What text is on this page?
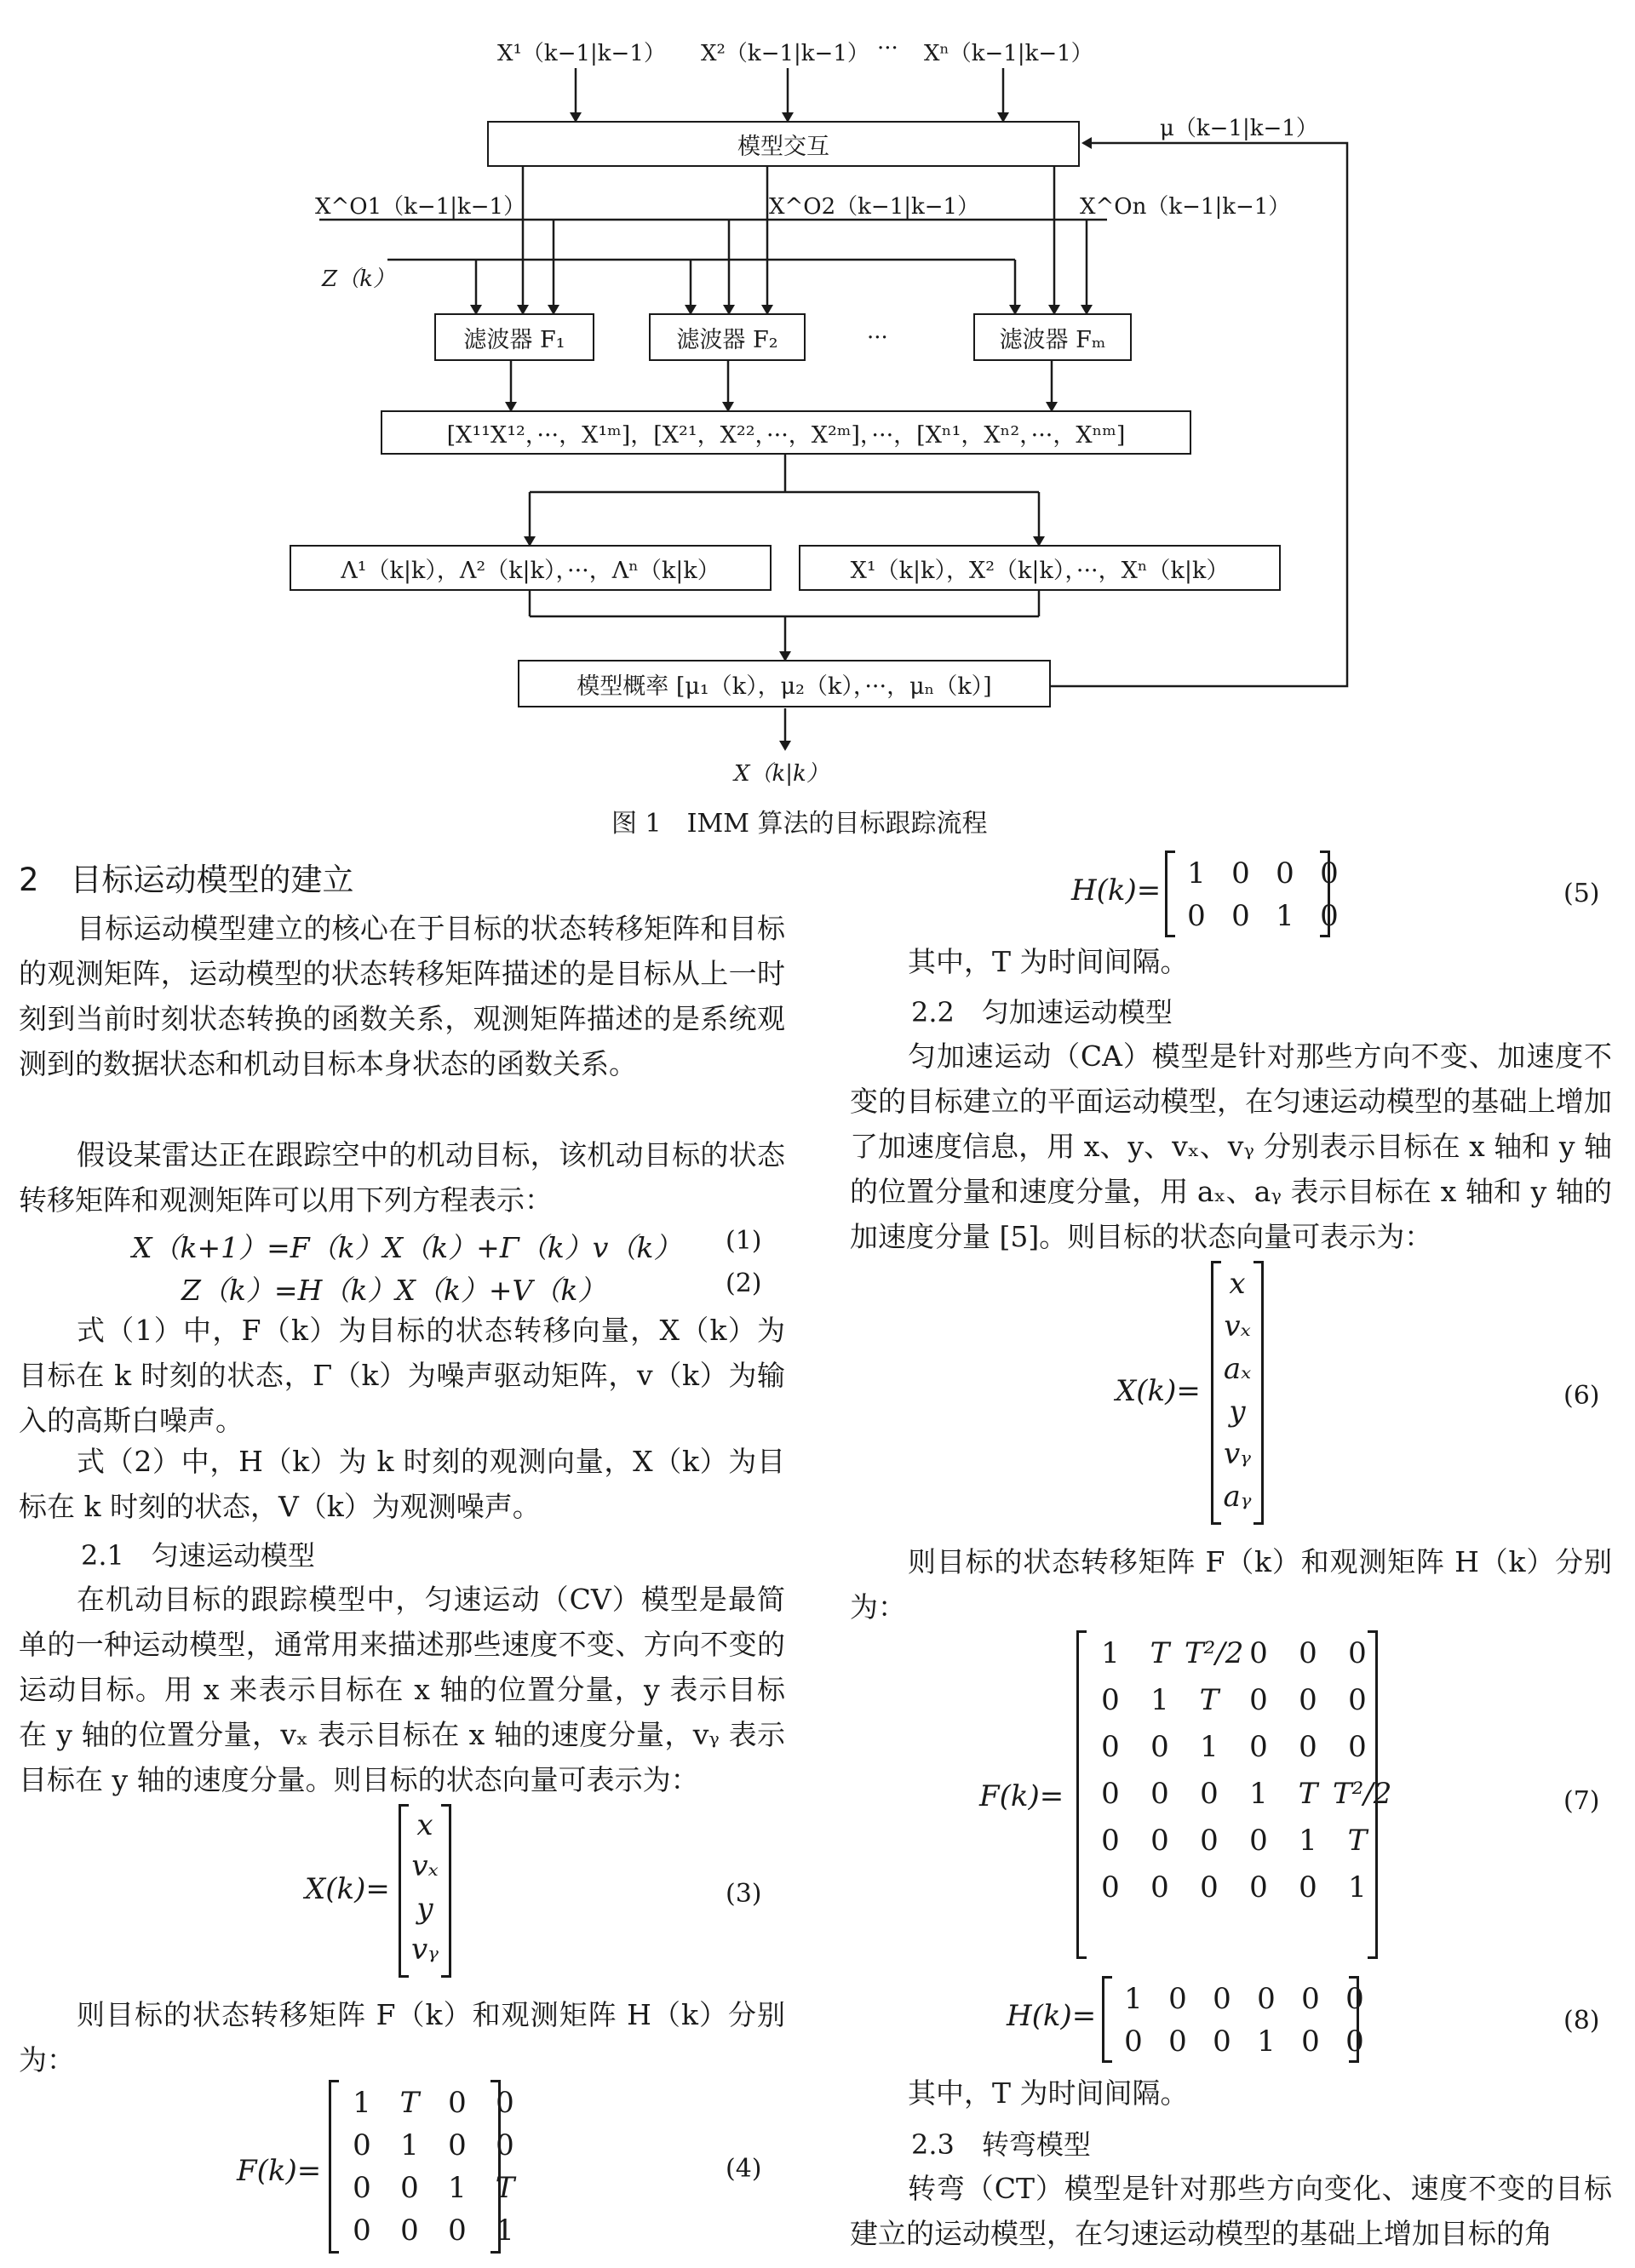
X¹（k−1|k−1） X²（k−1|k−1） ··· Xⁿ（k−1|k−1）
μ（k−1|k−1）
模型交互
X^O1（k−1|k−1）	X^O2（k−1|k−1）	X^On（k−1|k−1）
Z（k）
滤波器 F₁	滤波器 F₂	···	滤波器 Fₘ
[X¹¹X¹²，···，X¹ᵐ]，[X²¹，X²²，···，X²ᵐ]，···，[Xⁿ¹，Xⁿ²，···，Xⁿᵐ]
Λ¹（k|k），Λ²（k|k），···，Λⁿ（k|k）	X¹（k|k），X²（k|k），···，Xⁿ（k|k）
模型概率 [μ₁（k），μ₂（k），···，μₙ（k）]
X（k|k）
图 1　IMM 算法的目标跟踪流程
2　目标运动模型的建立
目标运动模型建立的核心在于目标的状态转移矩阵和目标的观测矩阵，运动模型的状态转移矩阵描述的是目标从上一时刻到当前时刻状态转换的函数关系，观测矩阵描述的是系统观测到的数据状态和机动目标本身状态的函数关系。
假设某雷达正在跟踪空中的机动目标，该机动目标的状态转移矩阵和观测矩阵可以用下列方程表示：
X（k+1）=F（k）X（k）+Γ（k）v（k） (1)
Z（k）=H（k）X（k）+V（k）	(2)
式（1）中，F（k）为目标的状态转移向量，X（k）为目标在 k 时刻的状态，Γ（k）为噪声驱动矩阵，v（k）为输入的高斯白噪声。
式（2）中，H（k）为 k 时刻的观测向量，X（k）为目标在 k 时刻的状态，V（k）为观测噪声。
2.1　匀速运动模型
在机动目标的跟踪模型中，匀速运动（CV）模型是最简单的一种运动模型，通常用来描述那些速度不变、方向不变的运动目标。用 x 来表示目标在 x 轴的位置分量，y 表示目标在 y 轴的位置分量，vₓ 表示目标在 x 轴的速度分量，vᵧ 表示目标在 y 轴的速度分量。则目标的状态向量可表示为：
X(k)=
x
vₓ
y
vᵧ
(3)
则目标的状态转移矩阵 F（k）和观测矩阵 H（k）分别为：
F(k)=
1 T 0	0
0	1	0	0
0	0	1 T
0	0	0	1
(4)
H(k)= 1 0 0 0
0 0 1 0
(5)
其中，T 为时间间隔。
2.2　匀加速运动模型
匀加速运动（CA）模型是针对那些方向不变、加速度不变的目标建立的平面运动模型，在匀速运动模型的基础上增加了加速度信息，用 x、y、vₓ、vᵧ 分别表示目标在 x 轴和 y 轴的位置分量和速度分量，用 aₓ、aᵧ 表示目标在 x 轴和 y 轴的加速度分量 [5]。则目标的状态向量可表示为：
X(k)=
x
vₓ
aₓ
y
vᵧ
aᵧ
(6)
则目标的状态转移矩阵 F（k）和观测矩阵 H（k）分别为：
F(k)=
1	T T²/2 0	0	0
0	1	T	0	0	0
0	0	1	0	0	0
0	0	0	1	T T²/2
0	0	0	0	1	T
0	0	0	0	0	1
(7)
H(k)= 1 0 0 0 0 0
0 0 0 1 0 0
(8)
其中，T 为时间间隔。
2.3　转弯模型
转弯（CT）模型是针对那些方向变化、速度不变的目标建立的运动模型，在匀速运动模型的基础上增加目标的角
